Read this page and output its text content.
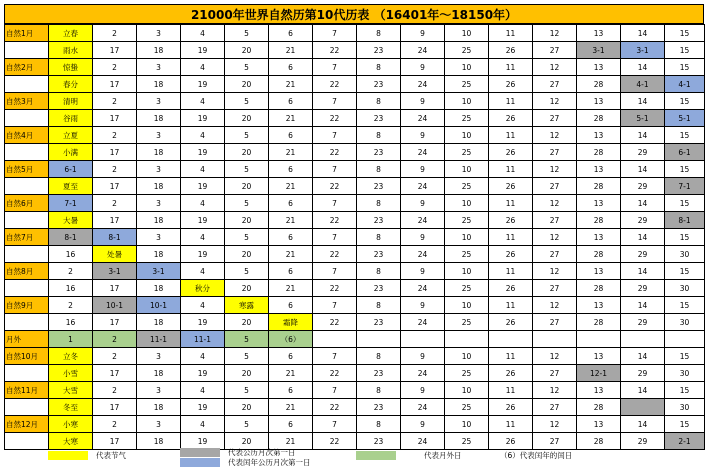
21000年世界自然历第10代历表 （16401年～18150年）
自然1月	立春	2	3	4	5	6	7	8	9	10	11	12	13	14	15
	雨水	17	18	19	20	21	22	23	24	25	26	27	3-1	3-1	15
自然2月	惊蛰	2	3	4	5	6	7	8	9	10	11	12	13	14	15
	春分	17	18	19	20	21	22	23	24	25	26	27	28	4-1	4-1
自然3月	清明	2	3	4	5	6	7	8	9	10	11	12	13	14	15
	谷雨	17	18	19	20	21	22	23	24	25	26	27	28	5-1	5-1
自然4月	立夏	2	3	4	5	6	7	8	9	10	11	12	13	14	15
	小满	17	18	19	20	21	22	23	24	25	26	27	28	29	6-1
自然5月	6-1	2	3	4	5	6	7	8	9	10	11	12	13	14	15
	夏至	17	18	19	20	21	22	23	24	25	26	27	28	29	7-1
自然6月	7-1	2	3	4	5	6	7	8	9	10	11	12	13	14	15
	大暑	17	18	19	20	21	22	23	24	25	26	27	28	29	8-1
自然7月	8-1	8-1	3	4	5	6	7	8	9	10	11	12	13	14	15
	16	处暑	18	19	20	21	22	23	24	25	26	27	28	29	30
自然8月	2	3-1	3-1	4	5	6	7	8	9	10	11	12	13	14	15
	16	17	18	秋分	20	21	22	23	24	25	26	27	28	29	30
自然9月	2	10-1	10-1	4	寒露	6	7	8	9	10	11	12	13	14	15
	16	17	18	19	20	霜降	22	23	24	25	26	27	28	29	30
月外	1	2	11-1	11-1	5	（6）									
自然10月	立冬	2	3	4	5	6	7	8	9	10	11	12	13	14	15
	小雪	17	18	19	20	21	22	23	24	25	26	27	12-1	29	30
自然11月	大雪	2	3	4	5	6	7	8	9	10	11	12	13	14	15
	冬至	17	18	19	20	21	22	23	24	25	26	27	28		30
自然12月	小寒	2	3	4	5	6	7	8	9	10	11	12	13	14	15
	大寒	17	18	19	20	21	22	23	24	25	26	27	28	29	2-1
代表节气	代表公历月次第一日
代表闰年公历月次第一日
代表月外日	（6）代表闰年的闰日
